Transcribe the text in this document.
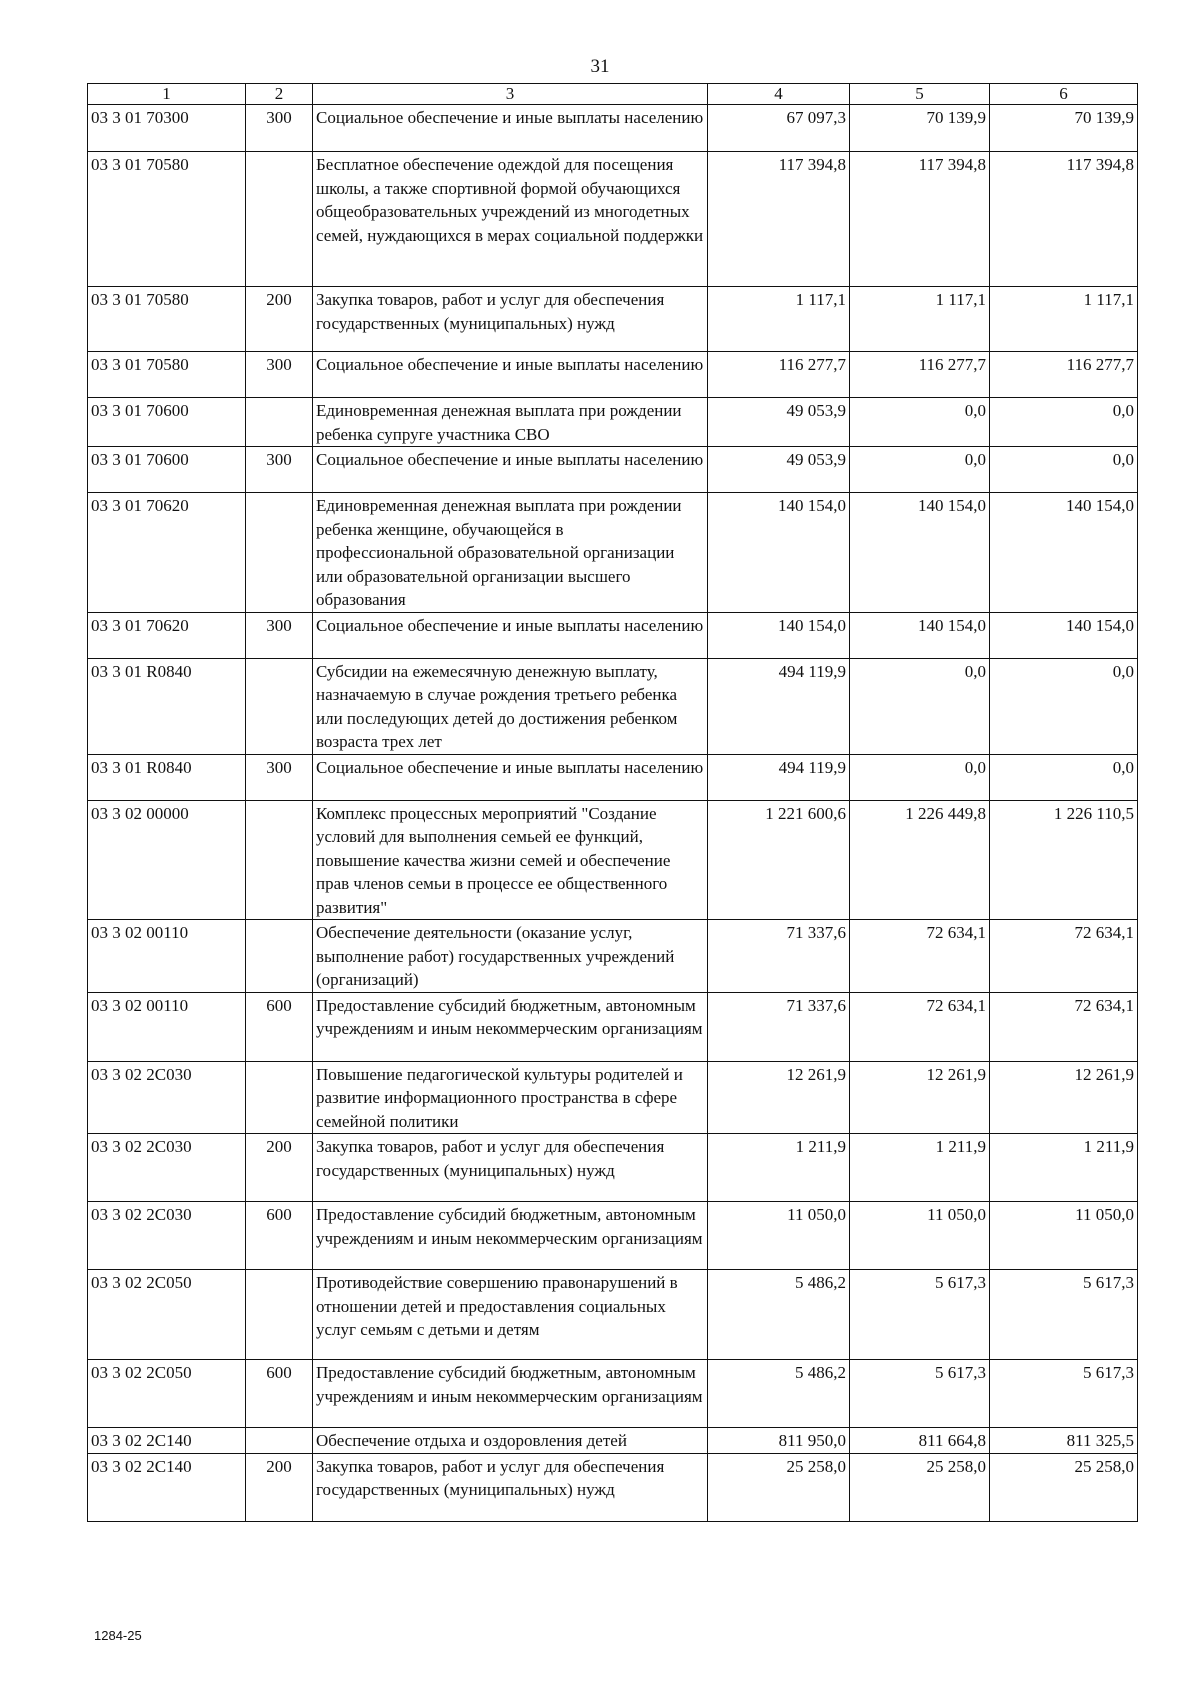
31
1	2	3	4	5	6
03 3 01 70300	300	Социальное обеспечение и иные выплаты населению	67 097,3	70 139,9	70 139,9
03 3 01 70580		Бесплатное обеспечение одеждой для посещения школы, а также спортивной формой обучающихся общеобразовательных учреждений из многодетных семей, нуждающихся в мерах социальной поддержки	117 394,8	117 394,8	117 394,8
03 3 01 70580	200	Закупка товаров, работ и услуг для обеспечения государственных (муниципальных) нужд	1 117,1	1 117,1	1 117,1
03 3 01 70580	300	Социальное обеспечение и иные выплаты населению	116 277,7	116 277,7	116 277,7
03 3 01 70600		Единовременная денежная выплата при рождении ребенка супруге участника СВО	49 053,9	0,0	0,0
03 3 01 70600	300	Социальное обеспечение и иные выплаты населению	49 053,9	0,0	0,0
03 3 01 70620		Единовременная денежная выплата при рождении ребенка женщине, обучающейся в профессиональной образовательной организации или образовательной организации высшего образования	140 154,0	140 154,0	140 154,0
03 3 01 70620	300	Социальное обеспечение и иные выплаты населению	140 154,0	140 154,0	140 154,0
03 3 01 R0840		Субсидии на ежемесячную денежную выплату, назначаемую в случае рождения третьего ребенка или последующих детей до достижения ребенком возраста трех лет	494 119,9	0,0	0,0
03 3 01 R0840	300	Социальное обеспечение и иные выплаты населению	494 119,9	0,0	0,0
03 3 02 00000		Комплекс процессных мероприятий "Создание условий для выполнения семьей ее функций, повышение качества жизни семей и обеспечение прав членов семьи в процессе ее общественного развития"	1 221 600,6	1 226 449,8	1 226 110,5
03 3 02 00110		Обеспечение деятельности (оказание услуг, выполнение работ) государственных учреждений (организаций)	71 337,6	72 634,1	72 634,1
03 3 02 00110	600	Предоставление субсидий бюджетным, автономным учреждениям и иным некоммерческим организациям	71 337,6	72 634,1	72 634,1
03 3 02 2C030		Повышение педагогической культуры родителей и развитие информационного пространства в сфере семейной политики	12 261,9	12 261,9	12 261,9
03 3 02 2C030	200	Закупка товаров, работ и услуг для обеспечения государственных (муниципальных) нужд	1 211,9	1 211,9	1 211,9
03 3 02 2C030	600	Предоставление субсидий бюджетным, автономным учреждениям и иным некоммерческим организациям	11 050,0	11 050,0	11 050,0
03 3 02 2C050		Противодействие совершению правонарушений в отношении детей и предоставления социальных услуг семьям с детьми и детям	5 486,2	5 617,3	5 617,3
03 3 02 2C050	600	Предоставление субсидий бюджетным, автономным учреждениям и иным некоммерческим организациям	5 486,2	5 617,3	5 617,3
03 3 02 2C140		Обеспечение отдыха и оздоровления детей	811 950,0	811 664,8	811 325,5
03 3 02 2C140	200	Закупка товаров, работ и услуг для обеспечения государственных (муниципальных) нужд	25 258,0	25 258,0	25 258,0
1284-25
